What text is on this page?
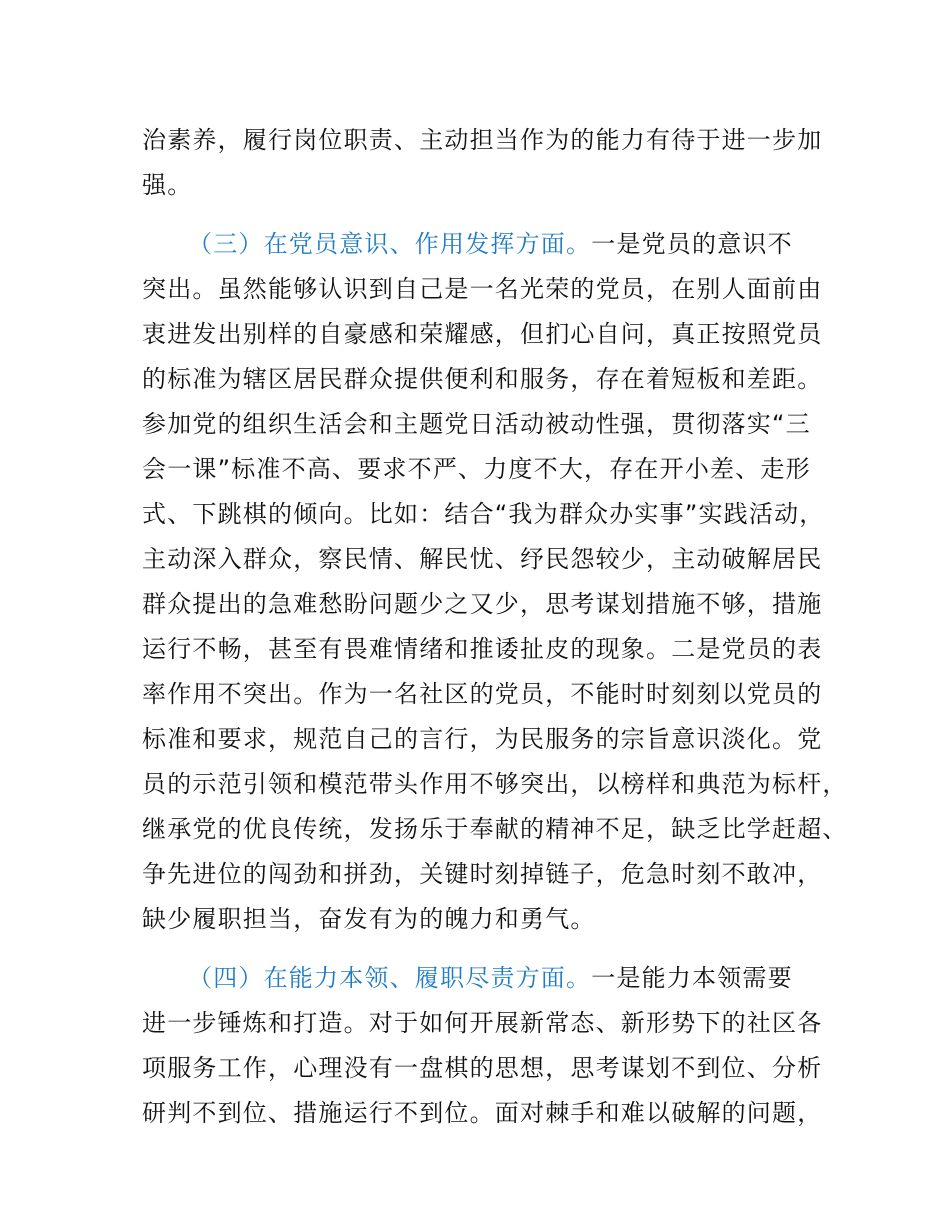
治素养，履行岗位职责、主动担当作为的能力有待于进一步加
强。
（三）在党员意识、作用发挥方面。一是党员的意识不
突出。虽然能够认识到自己是一名光荣的党员，在别人面前由
衷进发出别样的自豪感和荣耀感，但扪心自问，真正按照党员
的标准为辖区居民群众提供便利和服务，存在着短板和差距。
参加党的组织生活会和主题党日活动被动性强，贯彻落实“三
会一课”标准不高、要求不严、力度不大，存在开小差、走形
式、下跳棋的倾向。比如：结合“我为群众办实事”实践活动，
主动深入群众，察民情、解民忧、纾民怨较少，主动破解居民
群众提出的急难愁盼问题少之又少，思考谋划措施不够，措施
运行不畅，甚至有畏难情绪和推诿扯皮的现象。二是党员的表
率作用不突出。作为一名社区的党员，不能时时刻刻以党员的
标准和要求，规范自己的言行，为民服务的宗旨意识淡化。党
员的示范引领和模范带头作用不够突出，以榜样和典范为标杆，
继承党的优良传统，发扬乐于奉献的精神不足，缺乏比学赶超、
争先进位的闯劲和拼劲，关键时刻掉链子，危急时刻不敢冲，
缺少履职担当，奋发有为的魄力和勇气。
（四）在能力本领、履职尽责方面。一是能力本领需要
进一步锤炼和打造。对于如何开展新常态、新形势下的社区各
项服务工作，心理没有一盘棋的思想，思考谋划不到位、分析
研判不到位、措施运行不到位。面对棘手和难以破解的问题，
